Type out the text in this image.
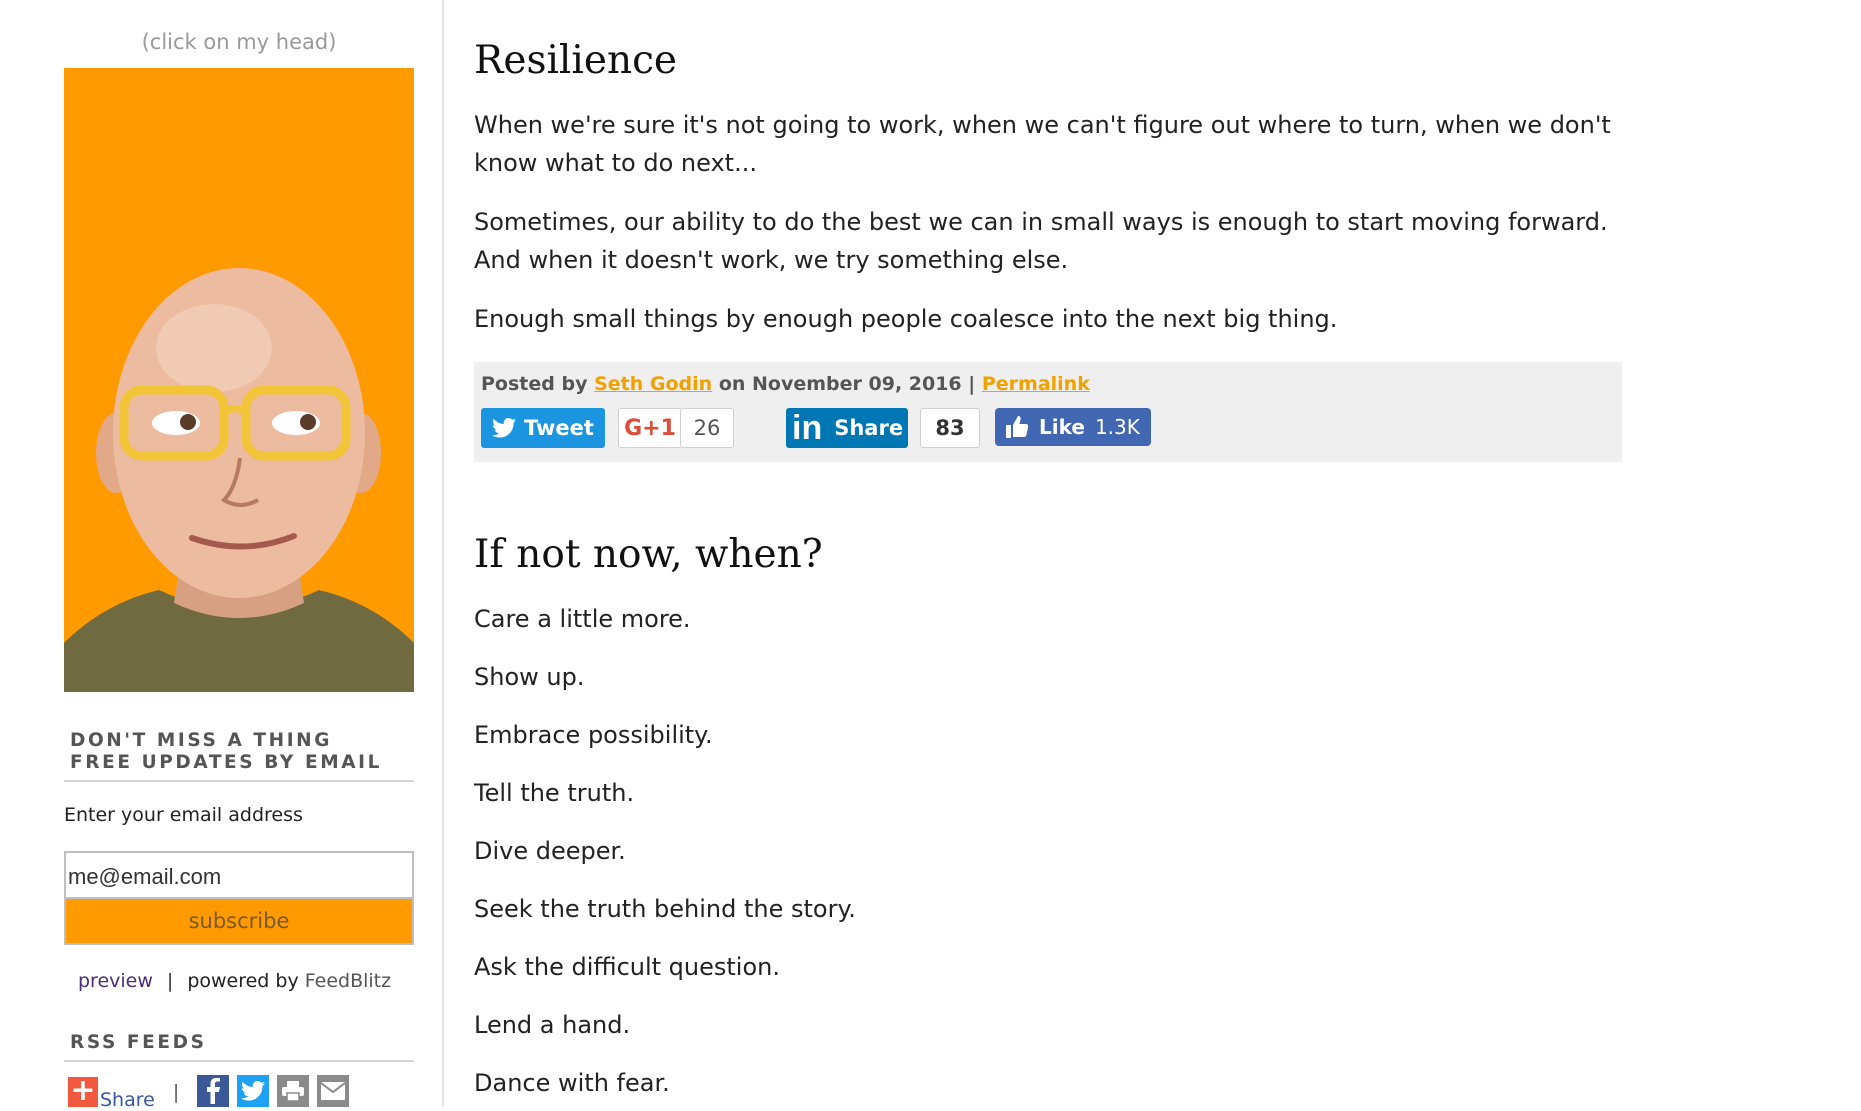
(click on my head)
DON'T MISS A THING
FREE UPDATES BY EMAIL
Enter your email address
me@email.com
subscribe
preview | powered by FeedBlitz
RSS FEEDS
+ Share |
Resilience

When we're sure it's not going to work, when we can't figure out where to turn, when we don't know what to do next...

Sometimes, our ability to do the best we can in small ways is enough to start moving forward. And when it doesn't work, we try something else.

Enough small things by enough people coalesce into the next big thing.

Posted by Seth Godin on November 09, 2016 | Permalink
Tweet G+1 26	in Share	83	Like 1.3K
If not now, when?

Care a little more.

Show up.

Embrace possibility.

Tell the truth.

Dive deeper.

Seek the truth behind the story.

Ask the difficult question.

Lend a hand.

Dance with fear.
